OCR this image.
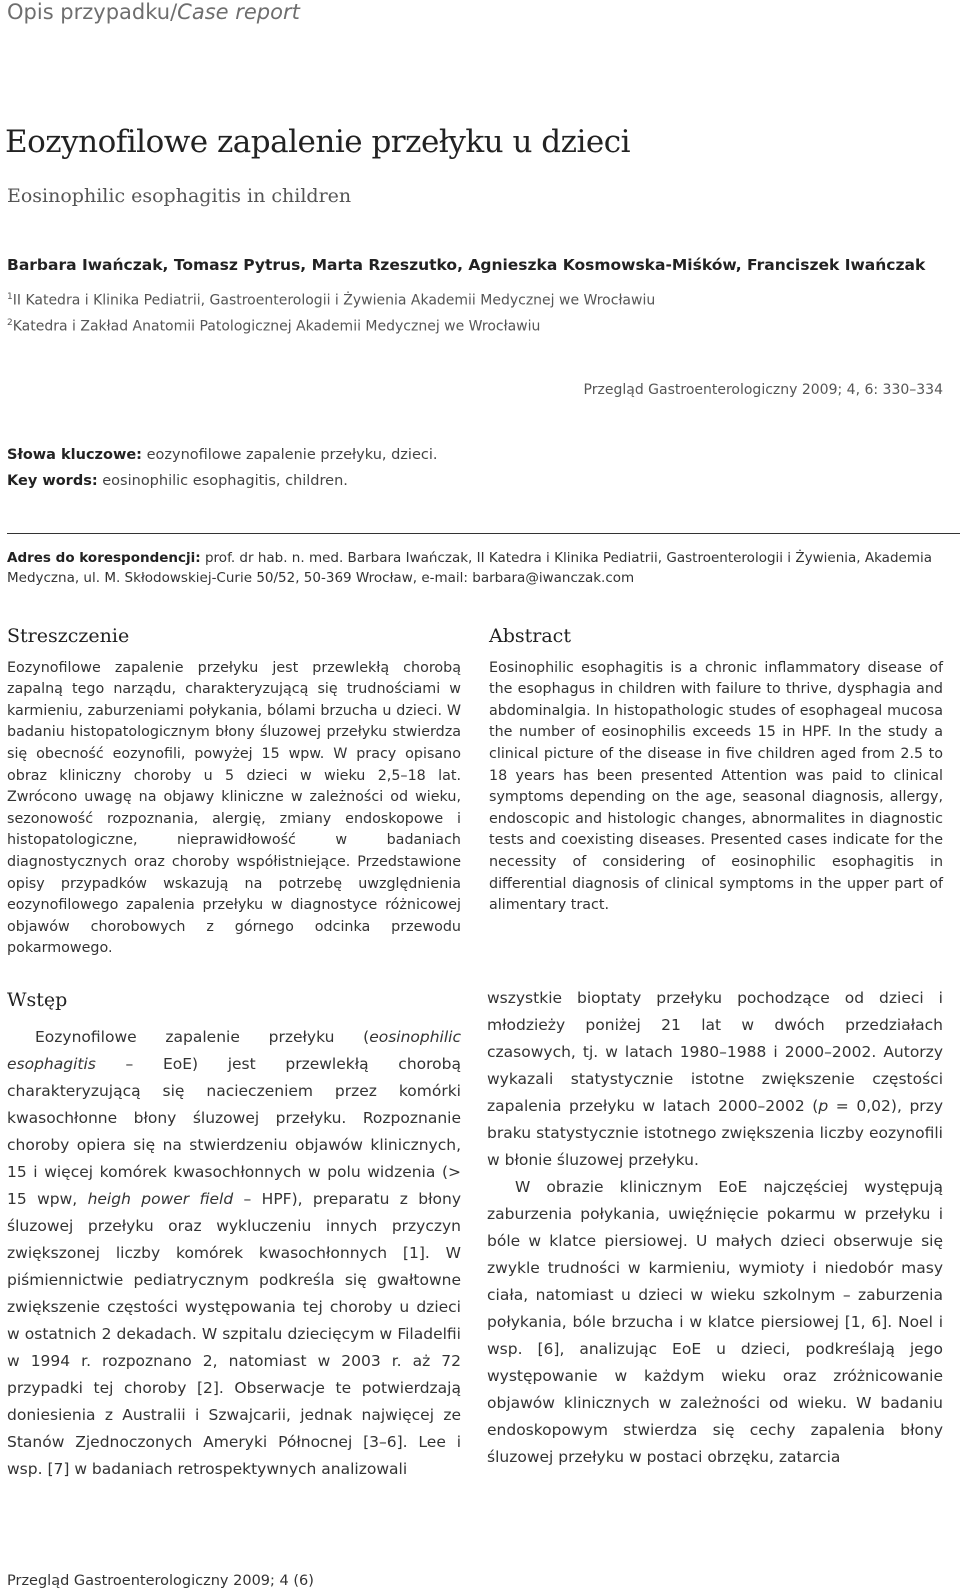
Opis przypadku/Case report
Eozynofilowe zapalenie przełyku u dzieci
Eosinophilic esophagitis in children
Barbara Iwańczak, Tomasz Pytrus, Marta Rzeszutko, Agnieszka Kosmowska-Miśków, Franciszek Iwańczak
$^1$II Katedra i Klinika Pediatrii, Gastroenterologii i Żywienia Akademii Medycznej we Wrocławiu
$^2$Katedra i Zakład Anatomii Patologicznej Akademii Medycznej we Wrocławiu
Przegląd Gastroenterologiczny 2009; 4, 6: 330–334
Słowa kluczowe: eozynofilowe zapalenie przełyku, dzieci.
Key words: eosinophilic esophagitis, children.
Adres do korespondencji: prof. dr hab. n. med. Barbara Iwańczak, II Katedra i Klinika Pediatrii, Gastroenterologii i Żywienia, Akademia Medyczna, ul. M. Skłodowskiej-Curie 50/52, 50-369 Wrocław, e-mail: barbara@iwanczak.com
Streszczenie

Eozynofilowe zapalenie przełyku jest przewlekłą chorobą zapalną tego narządu, charakteryzującą się trudnościami w karmieniu, zaburzeniami połykania, bólami brzucha u dzieci. W badaniu histopatologicznym błony śluzowej przełyku stwierdza się obecność eozynofili, powyżej 15 wpw. W pracy opisano obraz kliniczny choroby u 5 dzieci w wieku 2,5–18 lat. Zwrócono uwagę na objawy kliniczne w zależności od wieku, sezonowość rozpoznania, alergię, zmiany endoskopowe i histopatologiczne, nieprawidłowość w badaniach diagnostycznych oraz choroby współistniejące. Przedstawione opisy przypadków wskazują na potrzebę uwzględnienia eozynofilowego zapalenia przełyku w diagnostyce różnicowej objawów chorobowych z górnego odcinka przewodu pokarmowego.

Abstract

Eosinophilic esophagitis is a chronic inflammatory disease of the esophagus in children with failure to thrive, dysphagia and abdominalgia. In histopathologic studes of esophageal mucosa the number of eosinophilis exceeds 15 in HPF. In the study a clinical picture of the disease in five children aged from 2.5 to 18 years has been presented Attention was paid to clinical symptoms depending on the age, seasonal diagnosis, allergy, endoscopic and histologic changes, abnormalites in diagnostic tests and coexisting diseases. Presented cases indicate for the necessity of considering of eosinophilic esophagitis in differential diagnosis of clinical symptoms in the upper part of alimentary tract.

Wstęp

Eozynofilowe zapalenie przełyku (eosinophilic esophagitis – EoE) jest przewlekłą chorobą charakteryzującą się nacieczeniem przez komórki kwasochłonne błony śluzowej przełyku. Rozpoznanie choroby opiera się na stwierdzeniu objawów klinicznych, 15 i więcej komórek kwasochłonnych w polu widzenia (> 15 wpw, heigh power field – HPF), preparatu z błony śluzowej przełyku oraz wykluczeniu innych przyczyn zwiększonej liczby komórek kwasochłonnych [1]. W piśmiennictwie pediatrycznym podkreśla się gwałtowne zwiększenie częstości występowania tej choroby u dzieci w ostatnich 2 dekadach. W szpitalu dziecięcym w Filadelfii w 1994 r. rozpoznano 2, natomiast w 2003 r. aż 72 przypadki tej choroby [2]. Obserwacje te potwierdzają doniesienia z Australii i Szwajcarii, jednak najwięcej ze Stanów Zjednoczonych Ameryki Północnej [3–6]. Lee i wsp. [7] w badaniach retrospektywnych analizowali

wszystkie bioptaty przełyku pochodzące od dzieci i młodzieży poniżej 21 lat w dwóch przedziałach czasowych, tj. w latach 1980–1988 i 2000–2002. Autorzy wykazali statystycznie istotne zwiększenie częstości zapalenia przełyku w latach 2000–2002 (p = 0,02), przy braku statystycznie istotnego zwiększenia liczby eozynofili w błonie śluzowej przełyku.

W obrazie klinicznym EoE najczęściej występują zaburzenia połykania, uwięźnięcie pokarmu w przełyku i bóle w klatce piersiowej. U małych dzieci obserwuje się zwykle trudności w karmieniu, wymioty i niedobór masy ciała, natomiast u dzieci w wieku szkolnym – zaburzenia połykania, bóle brzucha i w klatce piersiowej [1, 6]. Noel i wsp. [6], analizując EoE u dzieci, podkreślają jego występowanie w każdym wieku oraz zróżnicowanie objawów klinicznych w zależności od wieku. W badaniu endoskopowym stwierdza się cechy zapalenia błony śluzowej przełyku w postaci obrzęku, zatarcia

Przegląd Gastroenterologiczny 2009; 4 (6)
